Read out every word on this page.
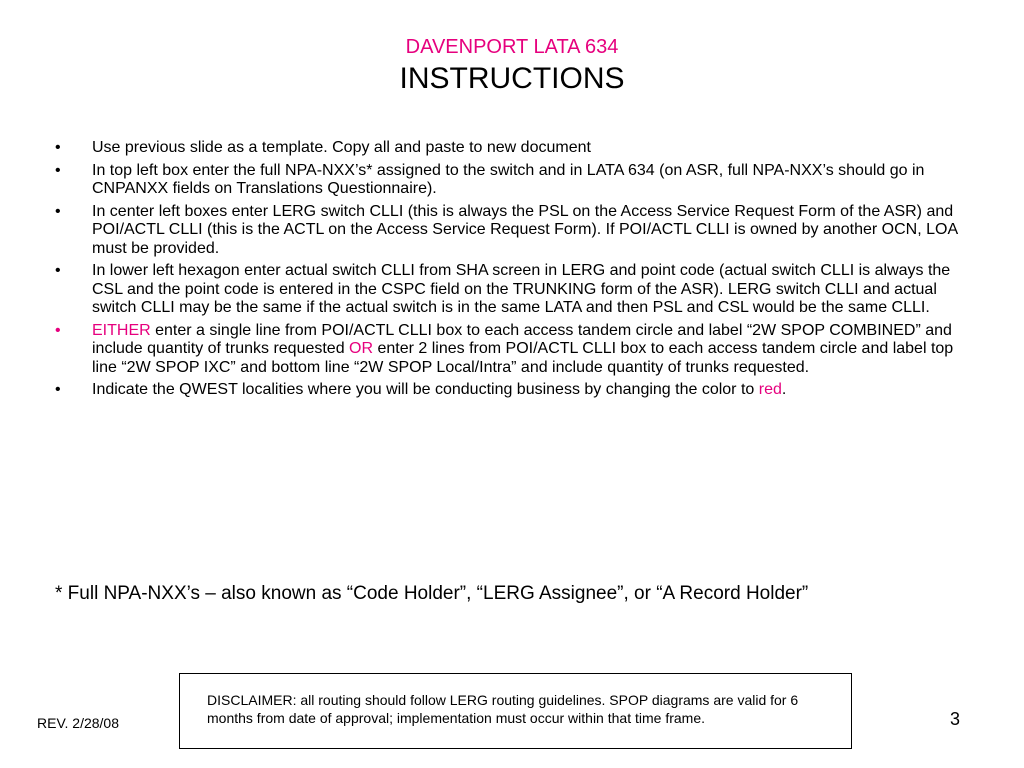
DAVENPORT LATA 634
INSTRUCTIONS
• Use previous slide as a template. Copy all and paste to new document
• In top left box enter the full NPA-NXX’s* assigned to the switch and in LATA 634 (on ASR, full NPA-NXX’s should go in CNPANXX fields on Translations Questionnaire).
• In center left boxes enter LERG switch CLLI (this is always the PSL on the Access Service Request Form of the ASR) and POI/ACTL CLLI (this is the ACTL on the Access Service Request Form). If POI/ACTL CLLI is owned by another OCN, LOA must be provided.
• In lower left hexagon enter actual switch CLLI from SHA screen in LERG and point code (actual switch CLLI is always the CSL and the point code is entered in the CSPC field on the TRUNKING form of the ASR). LERG switch CLLI and actual switch CLLI may be the same if the actual switch is in the same LATA and then PSL and CSL would be the same CLLI.
• EITHER enter a single line from POI/ACTL CLLI box to each access tandem circle and label “2W SPOP COMBINED” and include quantity of trunks requested OR enter 2 lines from POI/ACTL CLLI box to each access tandem circle and label top line “2W SPOP IXC” and bottom line “2W SPOP Local/Intra” and include quantity of trunks requested.
• Indicate the QWEST localities where you will be conducting business by changing the color to red.
* Full NPA-NXX’s – also known as “Code Holder”, “LERG Assignee”, or “A Record Holder”
DISCLAIMER: all routing should follow LERG routing guidelines. SPOP diagrams are valid for 6 months from date of approval; implementation must occur within that time frame.
REV. 2/28/08	3
